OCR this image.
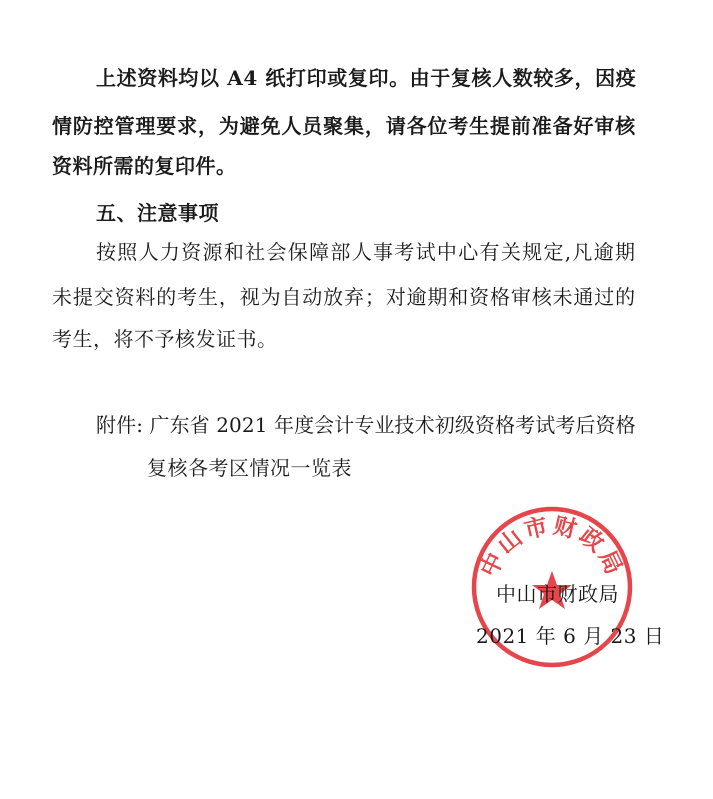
上述资料均以 A4 纸打印或复印。由于复核人数较多，因疫
情防控管理要求，为避免人员聚集，请各位考生提前准备好审核
资料所需的复印件。
五、注意事项
按照人力资源和社会保障部人事考试中心有关规定,凡逾期
未提交资料的考生，视为自动放弃；对逾期和资格审核未通过的
考生，将不予核发证书。
附件: 广东省 2021 年度会计专业技术初级资格考试考后资格
复核各考区情况一览表
中山市财政局
中山市财政局
2021 年 6 月 23 日
